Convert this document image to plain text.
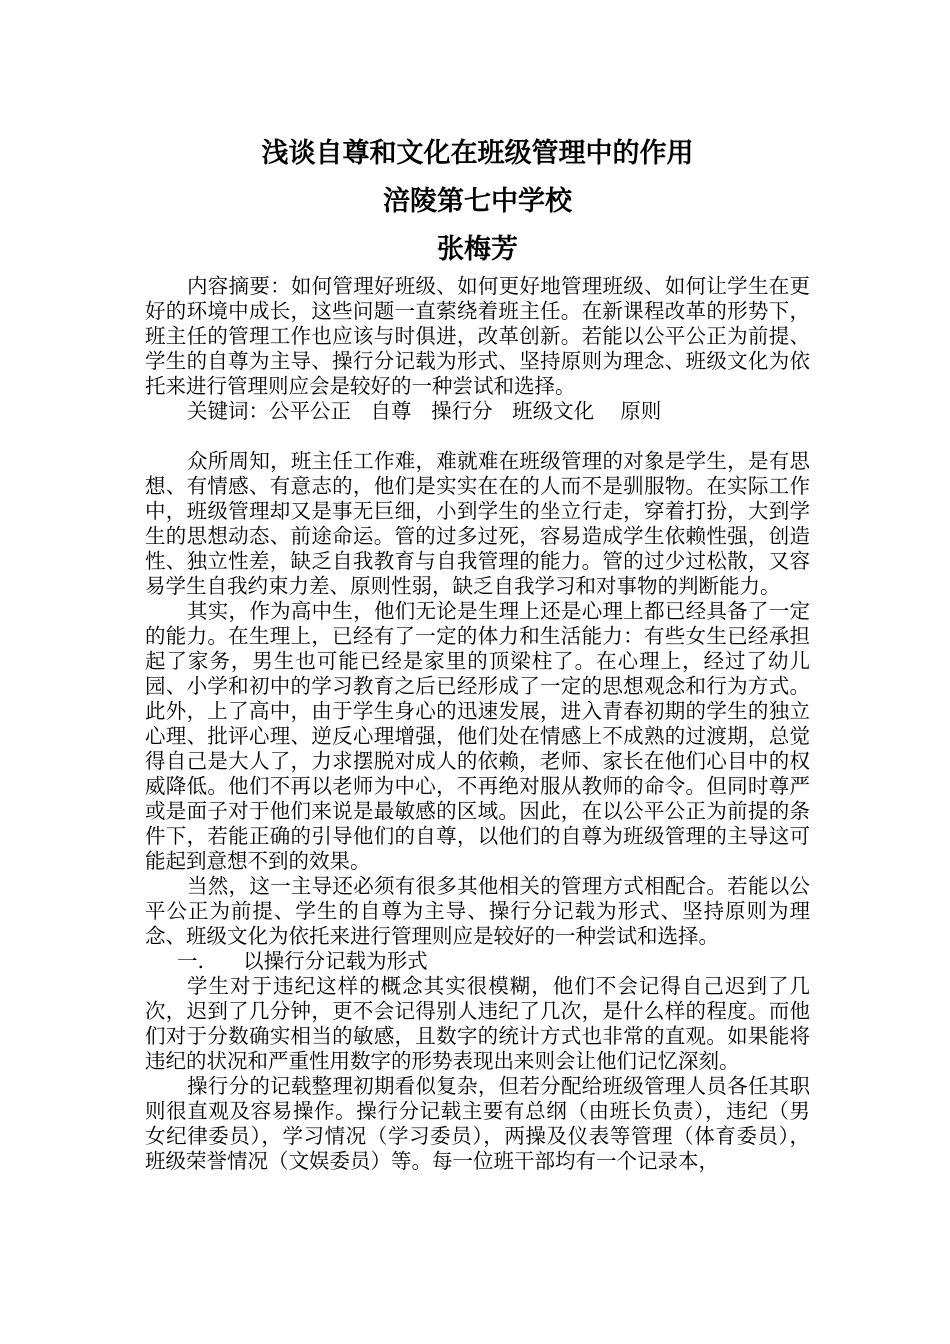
浅谈自尊和文化在班级管理中的作用
涪陵第七中学校
张梅芳

内容摘要：如何管理好班级、如何更好地管理班级、如何让学生在更好的环境中成长，这些问题一直萦绕着班主任。在新课程改革的形势下，班主任的管理工作也应该与时俱进，改革创新。若能以公平公正为前提、学生的自尊为主导、操行分记载为形式、坚持原则为理念、班级文化为依托来进行管理则应会是较好的一种尝试和选择。

关键词：公平公正   自尊   操行分   班级文化    原则

众所周知，班主任工作难，难就难在班级管理的对象是学生，是有思想、有情感、有意志的，他们是实实在在的人而不是驯服物。在实际工作中，班级管理却又是事无巨细，小到学生的坐立行走，穿着打扮，大到学生的思想动态、前途命运。管的过多过死，容易造成学生依赖性强，创造性、独立性差，缺乏自我教育与自我管理的能力。管的过少过松散，又容易学生自我约束力差、原则性弱，缺乏自我学习和对事物的判断能力。

其实，作为高中生，他们无论是生理上还是心理上都已经具备了一定的能力。在生理上，已经有了一定的体力和生活能力：有些女生已经承担起了家务，男生也可能已经是家里的顶梁柱了。在心理上，经过了幼儿园、小学和初中的学习教育之后已经形成了一定的思想观念和行为方式。此外，上了高中，由于学生身心的迅速发展，进入青春初期的学生的独立心理、批评心理、逆反心理增强，他们处在情感上不成熟的过渡期，总觉得自己是大人了，力求摆脱对成人的依赖，老师、家长在他们心目中的权威降低。他们不再以老师为中心，不再绝对服从教师的命令。但同时尊严或是面子对于他们来说是最敏感的区域。因此，在以公平公正为前提的条件下，若能正确的引导他们的自尊，以他们的自尊为班级管理的主导这可能起到意想不到的效果。

当然，这一主导还必须有很多其他相关的管理方式相配合。若能以公平公正为前提、学生的自尊为主导、操行分记载为形式、坚持原则为理念、班级文化为依托来进行管理则应是较好的一种尝试和选择。

一.      以操行分记载为形式

学生对于违纪这样的概念其实很模糊，他们不会记得自己迟到了几次，迟到了几分钟，更不会记得别人违纪了几次，是什么样的程度。而他们对于分数确实相当的敏感，且数字的统计方式也非常的直观。如果能将违纪的状况和严重性用数字的形势表现出来则会让他们记忆深刻。

操行分的记载整理初期看似复杂，但若分配给班级管理人员各任其职则很直观及容易操作。操行分记载主要有总纲（由班长负责），违纪（男女纪律委员），学习情况（学习委员），两操及仪表等管理（体育委员），班级荣誉情况（文娱委员）等。每一位班干部均有一个记录本，
